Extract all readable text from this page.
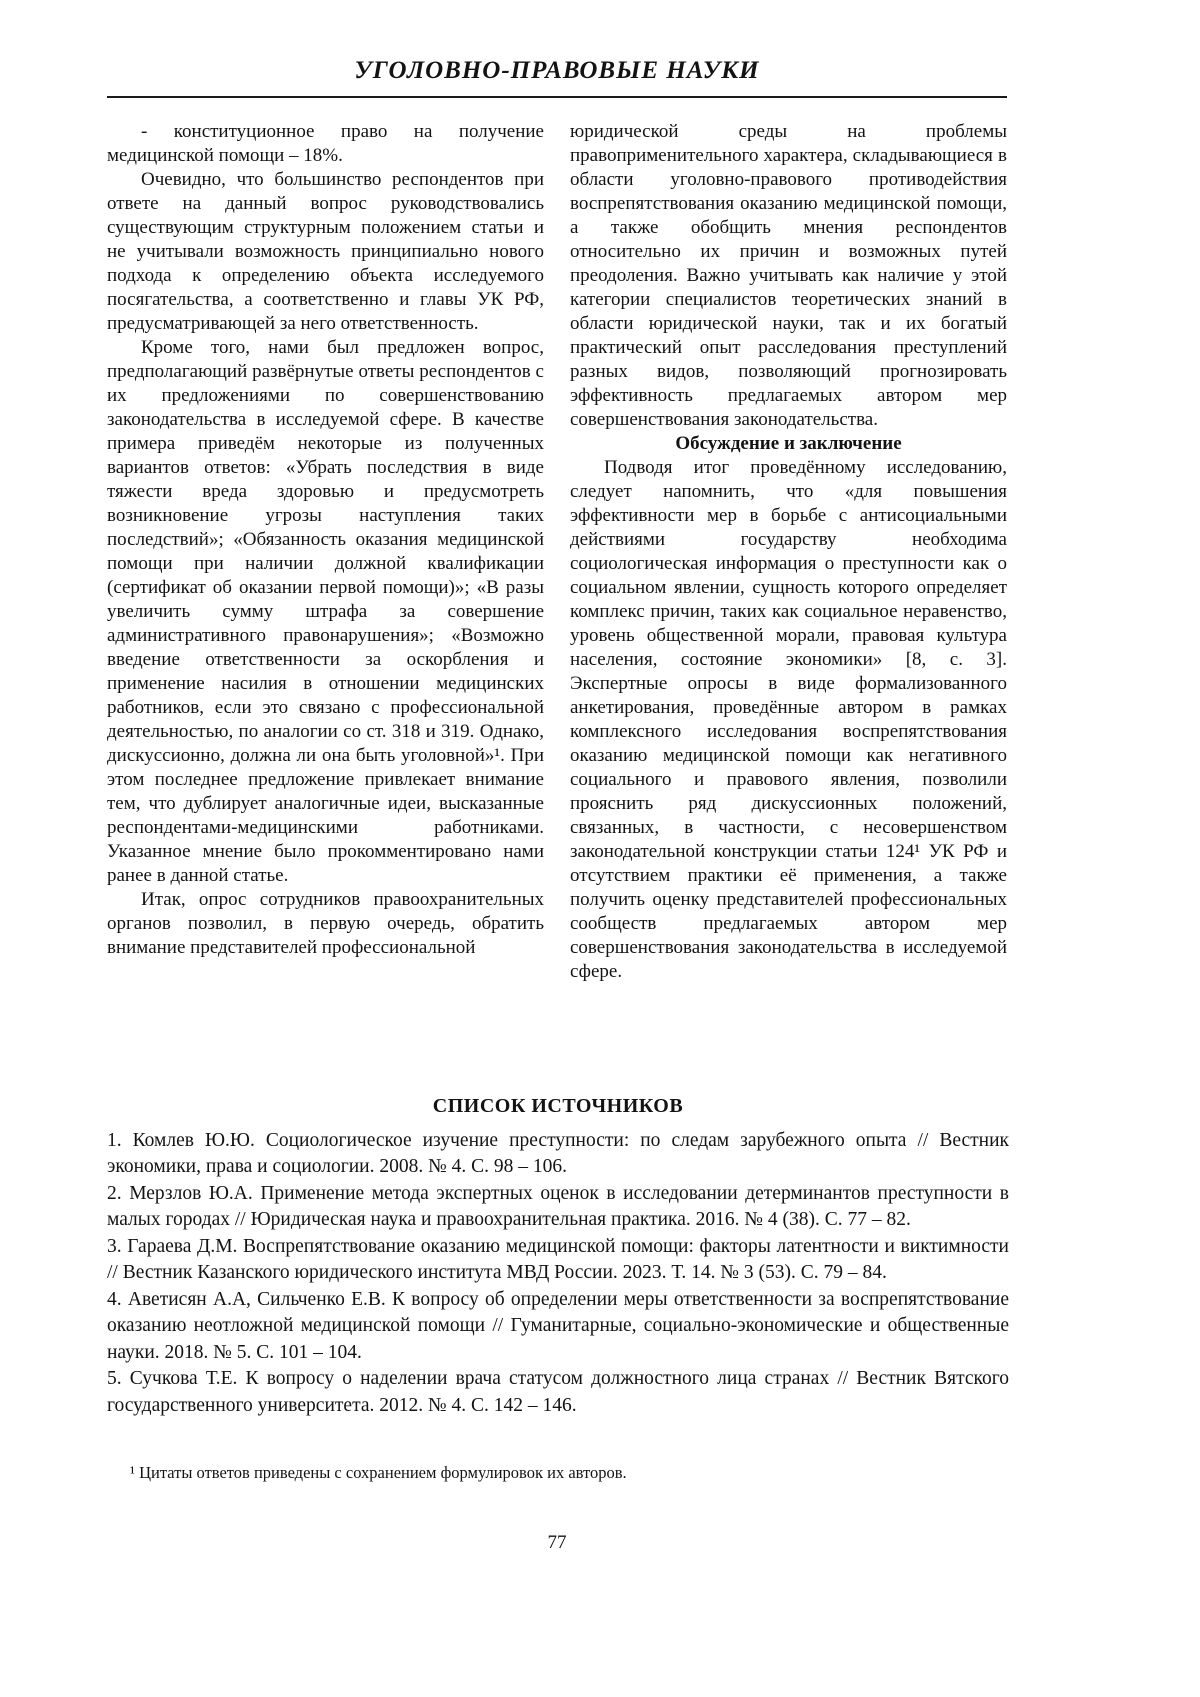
УГОЛОВНО-ПРАВОВЫЕ НАУКИ

- конституционное право на получение медицинской помощи – 18%.

Очевидно, что большинство респондентов при ответе на данный вопрос руководствовались существующим структурным положением статьи и не учитывали возможность принципиально нового подхода к определению объекта исследуемого посягательства, а соответственно и главы УК РФ, предусматривающей за него ответственность.

Кроме того, нами был предложен вопрос, предполагающий развёрнутые ответы респондентов с их предложениями по совершенствованию законодательства в исследуемой сфере. В качестве примера приведём некоторые из полученных вариантов ответов: «Убрать последствия в виде тяжести вреда здоровью и предусмотреть возникновение угрозы наступления таких последствий»; «Обязанность оказания медицинской помощи при наличии должной квалификации (сертификат об оказании первой помощи)»; «В разы увеличить сумму штрафа за совершение административного правонарушения»; «Возможно введение ответственности за оскорбления и применение насилия в отношении медицинских работников, если это связано с профессиональной деятельностью, по аналогии со ст. 318 и 319. Однако, дискуссионно, должна ли она быть уголовной»¹. При этом последнее предложение привлекает внимание тем, что дублирует аналогичные идеи, высказанные респондентами-медицинскими работниками. Указанное мнение было прокомментировано нами ранее в данной статье.

Итак, опрос сотрудников правоохранительных органов позволил, в первую очередь, обратить внимание представителей профессиональной

юридической среды на проблемы правоприменительного характера, складывающиеся в области уголовно-правового противодействия воспрепятствования оказанию медицинской помощи, а также обобщить мнения респондентов относительно их причин и возможных путей преодоления. Важно учитывать как наличие у этой категории специалистов теоретических знаний в области юридической науки, так и их богатый практический опыт расследования преступлений разных видов, позволяющий прогнозировать эффективность предлагаемых автором мер совершенствования законодательства.

Обсуждение и заключение

Подводя итог проведённому исследованию, следует напомнить, что «для повышения эффективности мер в борьбе с антисоциальными действиями государству необходима социологическая информация о преступности как о социальном явлении, сущность которого определяет комплекс причин, таких как социальное неравенство, уровень общественной морали, правовая культура населения, состояние экономики» [8, с. 3]. Экспертные опросы в виде формализованного анкетирования, проведённые автором в рамках комплексного исследования воспрепятствования оказанию медицинской помощи как негативного социального и правового явления, позволили прояснить ряд дискуссионных положений, связанных, в частности, с несовершенством законодательной конструкции статьи 124¹ УК РФ и отсутствием практики её применения, а также получить оценку представителей профессиональных сообществ предлагаемых автором мер совершенствования законодательства в исследуемой сфере.

СПИСОК ИСТОЧНИКОВ

1. Комлев Ю.Ю. Социологическое изучение преступности: по следам зарубежного опыта // Вестник экономики, права и социологии. 2008. № 4. С. 98 – 106.

2. Мерзлов Ю.А. Применение метода экспертных оценок в исследовании детерминантов преступности в малых городах // Юридическая наука и правоохранительная практика. 2016. № 4 (38). С. 77 – 82.

3. Гараева Д.М. Воспрепятствование оказанию медицинской помощи: факторы латентности и виктимности // Вестник Казанского юридического института МВД России. 2023. Т. 14. № 3 (53). С. 79 – 84.

4. Аветисян А.А, Сильченко Е.В. К вопросу об определении меры ответственности за воспрепятствование оказанию неотложной медицинской помощи // Гуманитарные, социально-экономические и общественные науки. 2018. № 5. С. 101 – 104.

5. Сучкова Т.Е. К вопросу о наделении врача статусом должностного лица странах // Вестник Вятского государственного университета. 2012. № 4. С. 142 – 146.

¹ Цитаты ответов приведены с сохранением формулировок их авторов.
77
